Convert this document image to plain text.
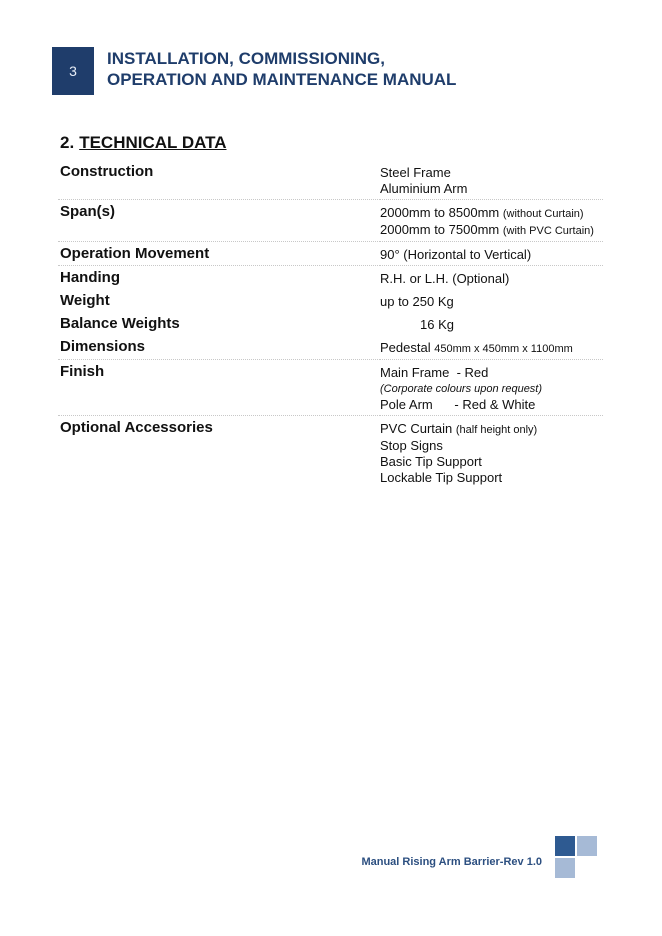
3
INSTALLATION, COMMISSIONING,
OPERATION AND MAINTENANCE MANUAL
2. TECHNICAL DATA
Construction	Steel Frame
Aluminium Arm

Span(s)	2000mm to 8500mm (without Curtain)
2000mm to 7500mm (with PVC Curtain)

Operation Movement	90° (Horizontal to Vertical)
Handing	R.H. or L.H. (Optional)
Weight	up to 250 Kg
Balance Weights	16 Kg
Dimensions	Pedestal 450mm x 450mm x 1100mm
Finish	Main Frame  - Red
(Corporate colours upon request)
Pole Arm      - Red & White

Optional Accessories	PVC Curtain (half height only)
Stop Signs
Basic Tip Support
Lockable Tip Support
Manual Rising Arm Barrier-Rev 1.0
